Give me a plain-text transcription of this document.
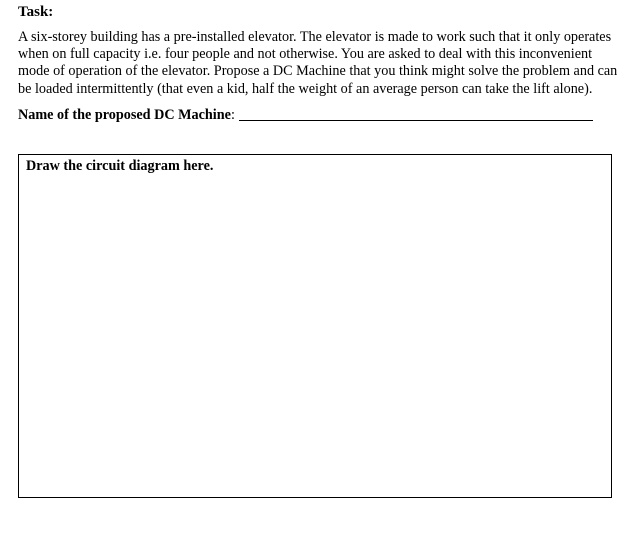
Task:
A six-storey building has a pre-installed elevator. The elevator is made to work such that it only operates when on full capacity i.e. four people and not otherwise. You are asked to deal with this inconvenient mode of operation of the elevator. Propose a DC Machine that you think might solve the problem and can be loaded intermittently (that even a kid, half the weight of an average person can take the lift alone).
Name of the proposed DC Machine :
Draw the circuit diagram here.
